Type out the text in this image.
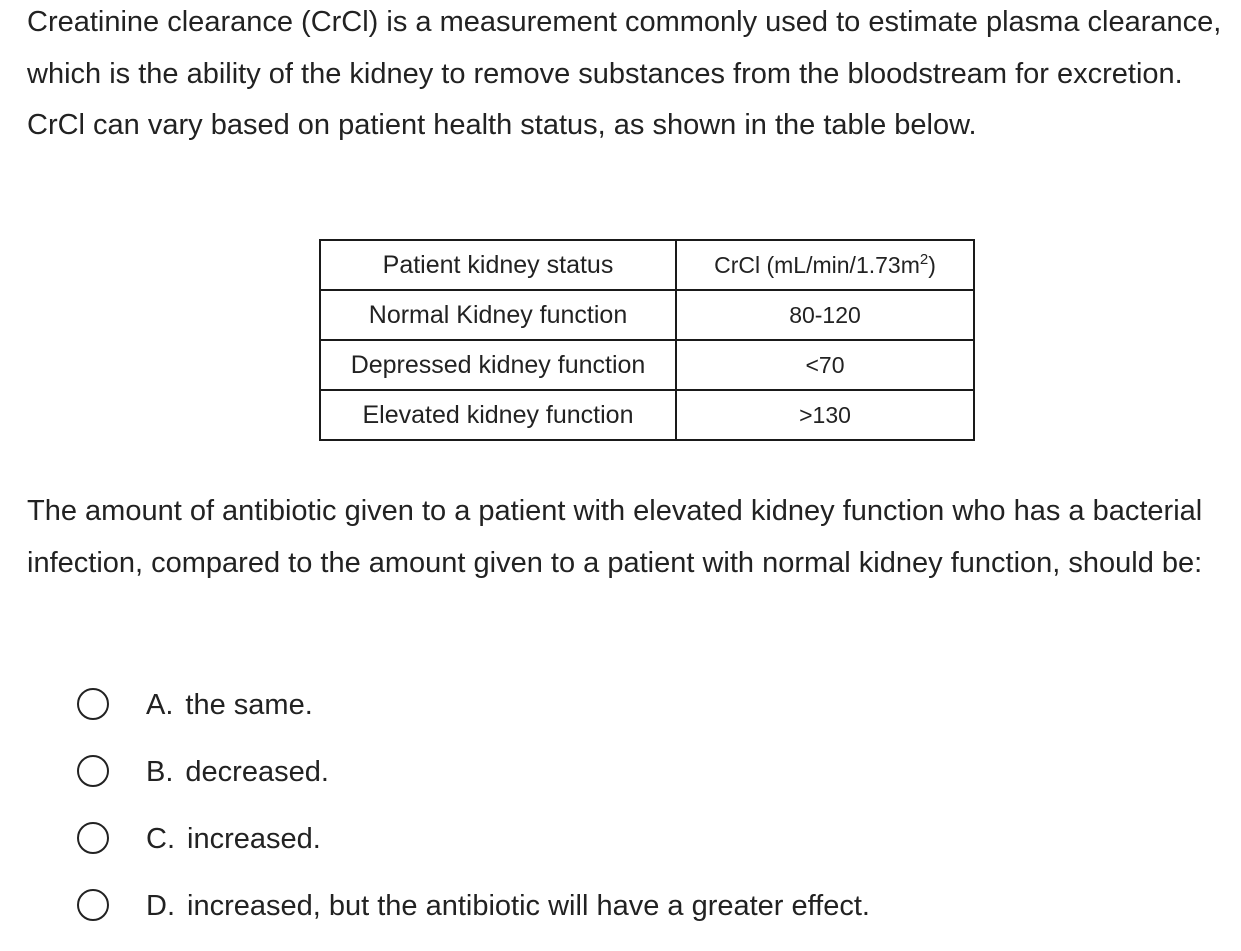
Creatinine clearance (CrCl) is a measurement commonly used to estimate plasma clearance, which is the ability of the kidney to remove substances from the bloodstream for excretion. CrCl can vary based on patient health status, as shown in the table below.

Patient kidney status	CrCl $(mL/\min/1.73m^2)$
Normal Kidney function	80-120
Depressed kidney function	<70
Elevated kidney function	>130

The amount of antibiotic given to a patient with elevated kidney function who has a bacterial infection, compared to the amount given to a patient with normal kidney function, should be:

A. the same.
B. decreased.
C. increased.
D. increased, but the antibiotic will have a greater effect.
